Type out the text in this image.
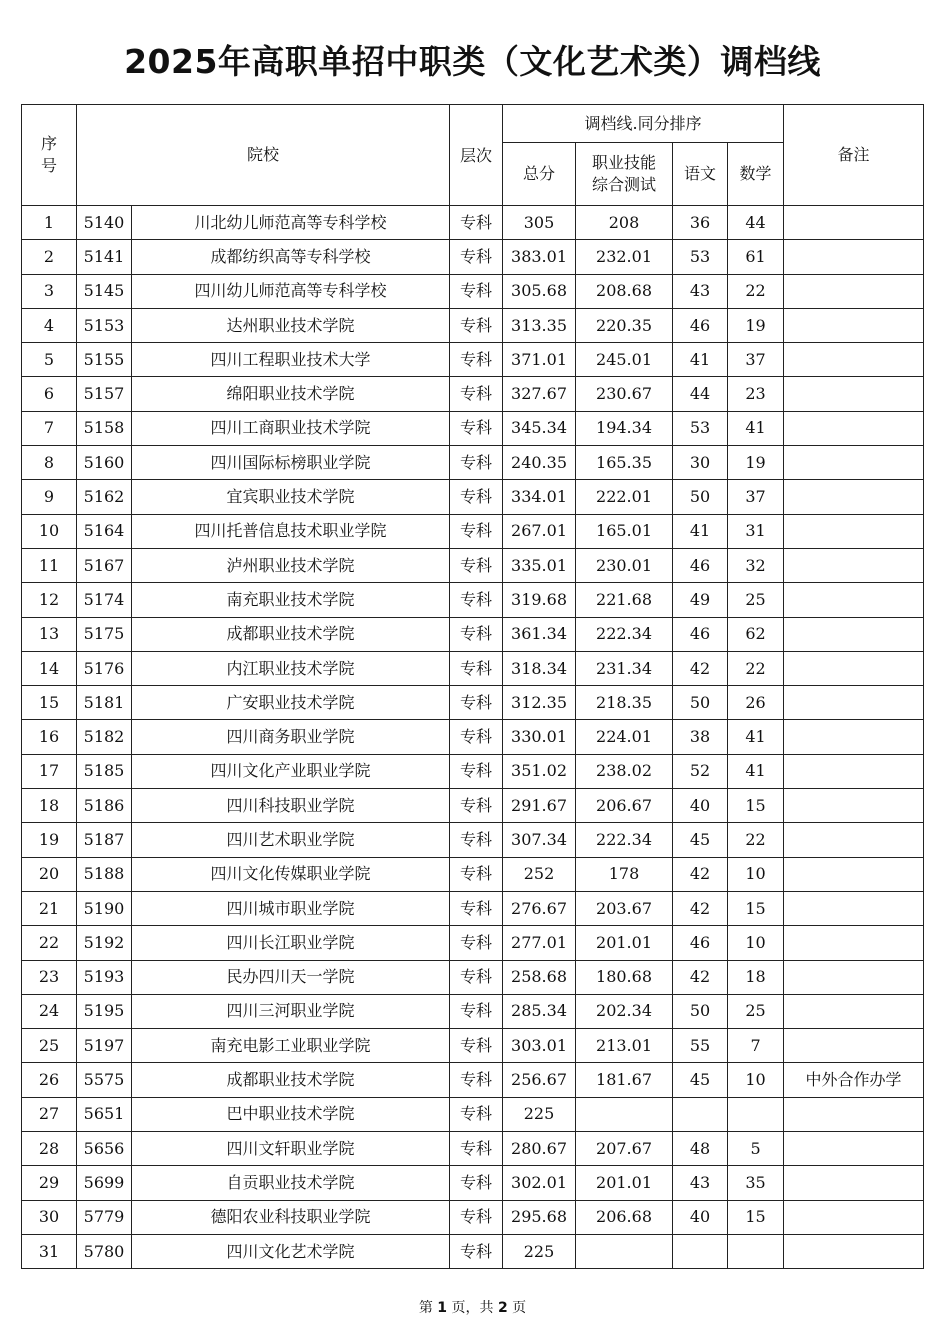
2025年高职单招中职类（文化艺术类）调档线
序号	院校		层次	调档线.同分排序				备注
				总分	职业技能综合测试	语文	数学	
1	5140	川北幼儿师范高等专科学校	专科	305	208	36	44	
2	5141	成都纺织高等专科学校	专科	383.01	232.01	53	61	
3	5145	四川幼儿师范高等专科学校	专科	305.68	208.68	43	22	
4	5153	达州职业技术学院	专科	313.35	220.35	46	19	
5	5155	四川工程职业技术大学	专科	371.01	245.01	41	37	
6	5157	绵阳职业技术学院	专科	327.67	230.67	44	23	
7	5158	四川工商职业技术学院	专科	345.34	194.34	53	41	
8	5160	四川国际标榜职业学院	专科	240.35	165.35	30	19	
9	5162	宜宾职业技术学院	专科	334.01	222.01	50	37	
10	5164	四川托普信息技术职业学院	专科	267.01	165.01	41	31	
11	5167	泸州职业技术学院	专科	335.01	230.01	46	32	
12	5174	南充职业技术学院	专科	319.68	221.68	49	25	
13	5175	成都职业技术学院	专科	361.34	222.34	46	62	
14	5176	内江职业技术学院	专科	318.34	231.34	42	22	
15	5181	广安职业技术学院	专科	312.35	218.35	50	26	
16	5182	四川商务职业学院	专科	330.01	224.01	38	41	
17	5185	四川文化产业职业学院	专科	351.02	238.02	52	41	
18	5186	四川科技职业学院	专科	291.67	206.67	40	15	
19	5187	四川艺术职业学院	专科	307.34	222.34	45	22	
20	5188	四川文化传媒职业学院	专科	252	178	42	10	
21	5190	四川城市职业学院	专科	276.67	203.67	42	15	
22	5192	四川长江职业学院	专科	277.01	201.01	46	10	
23	5193	民办四川天一学院	专科	258.68	180.68	42	18	
24	5195	四川三河职业学院	专科	285.34	202.34	50	25	
25	5197	南充电影工业职业学院	专科	303.01	213.01	55	7	
26	5575	成都职业技术学院	专科	256.67	181.67	45	10	中外合作办学
27	5651	巴中职业技术学院	专科	225				
28	5656	四川文轩职业学院	专科	280.67	207.67	48	5	
29	5699	自贡职业技术学院	专科	302.01	201.01	43	35	
30	5779	德阳农业科技职业学院	专科	295.68	206.68	40	15	
31	5780	四川文化艺术学院	专科	225				
第 1 页，共 2 页
